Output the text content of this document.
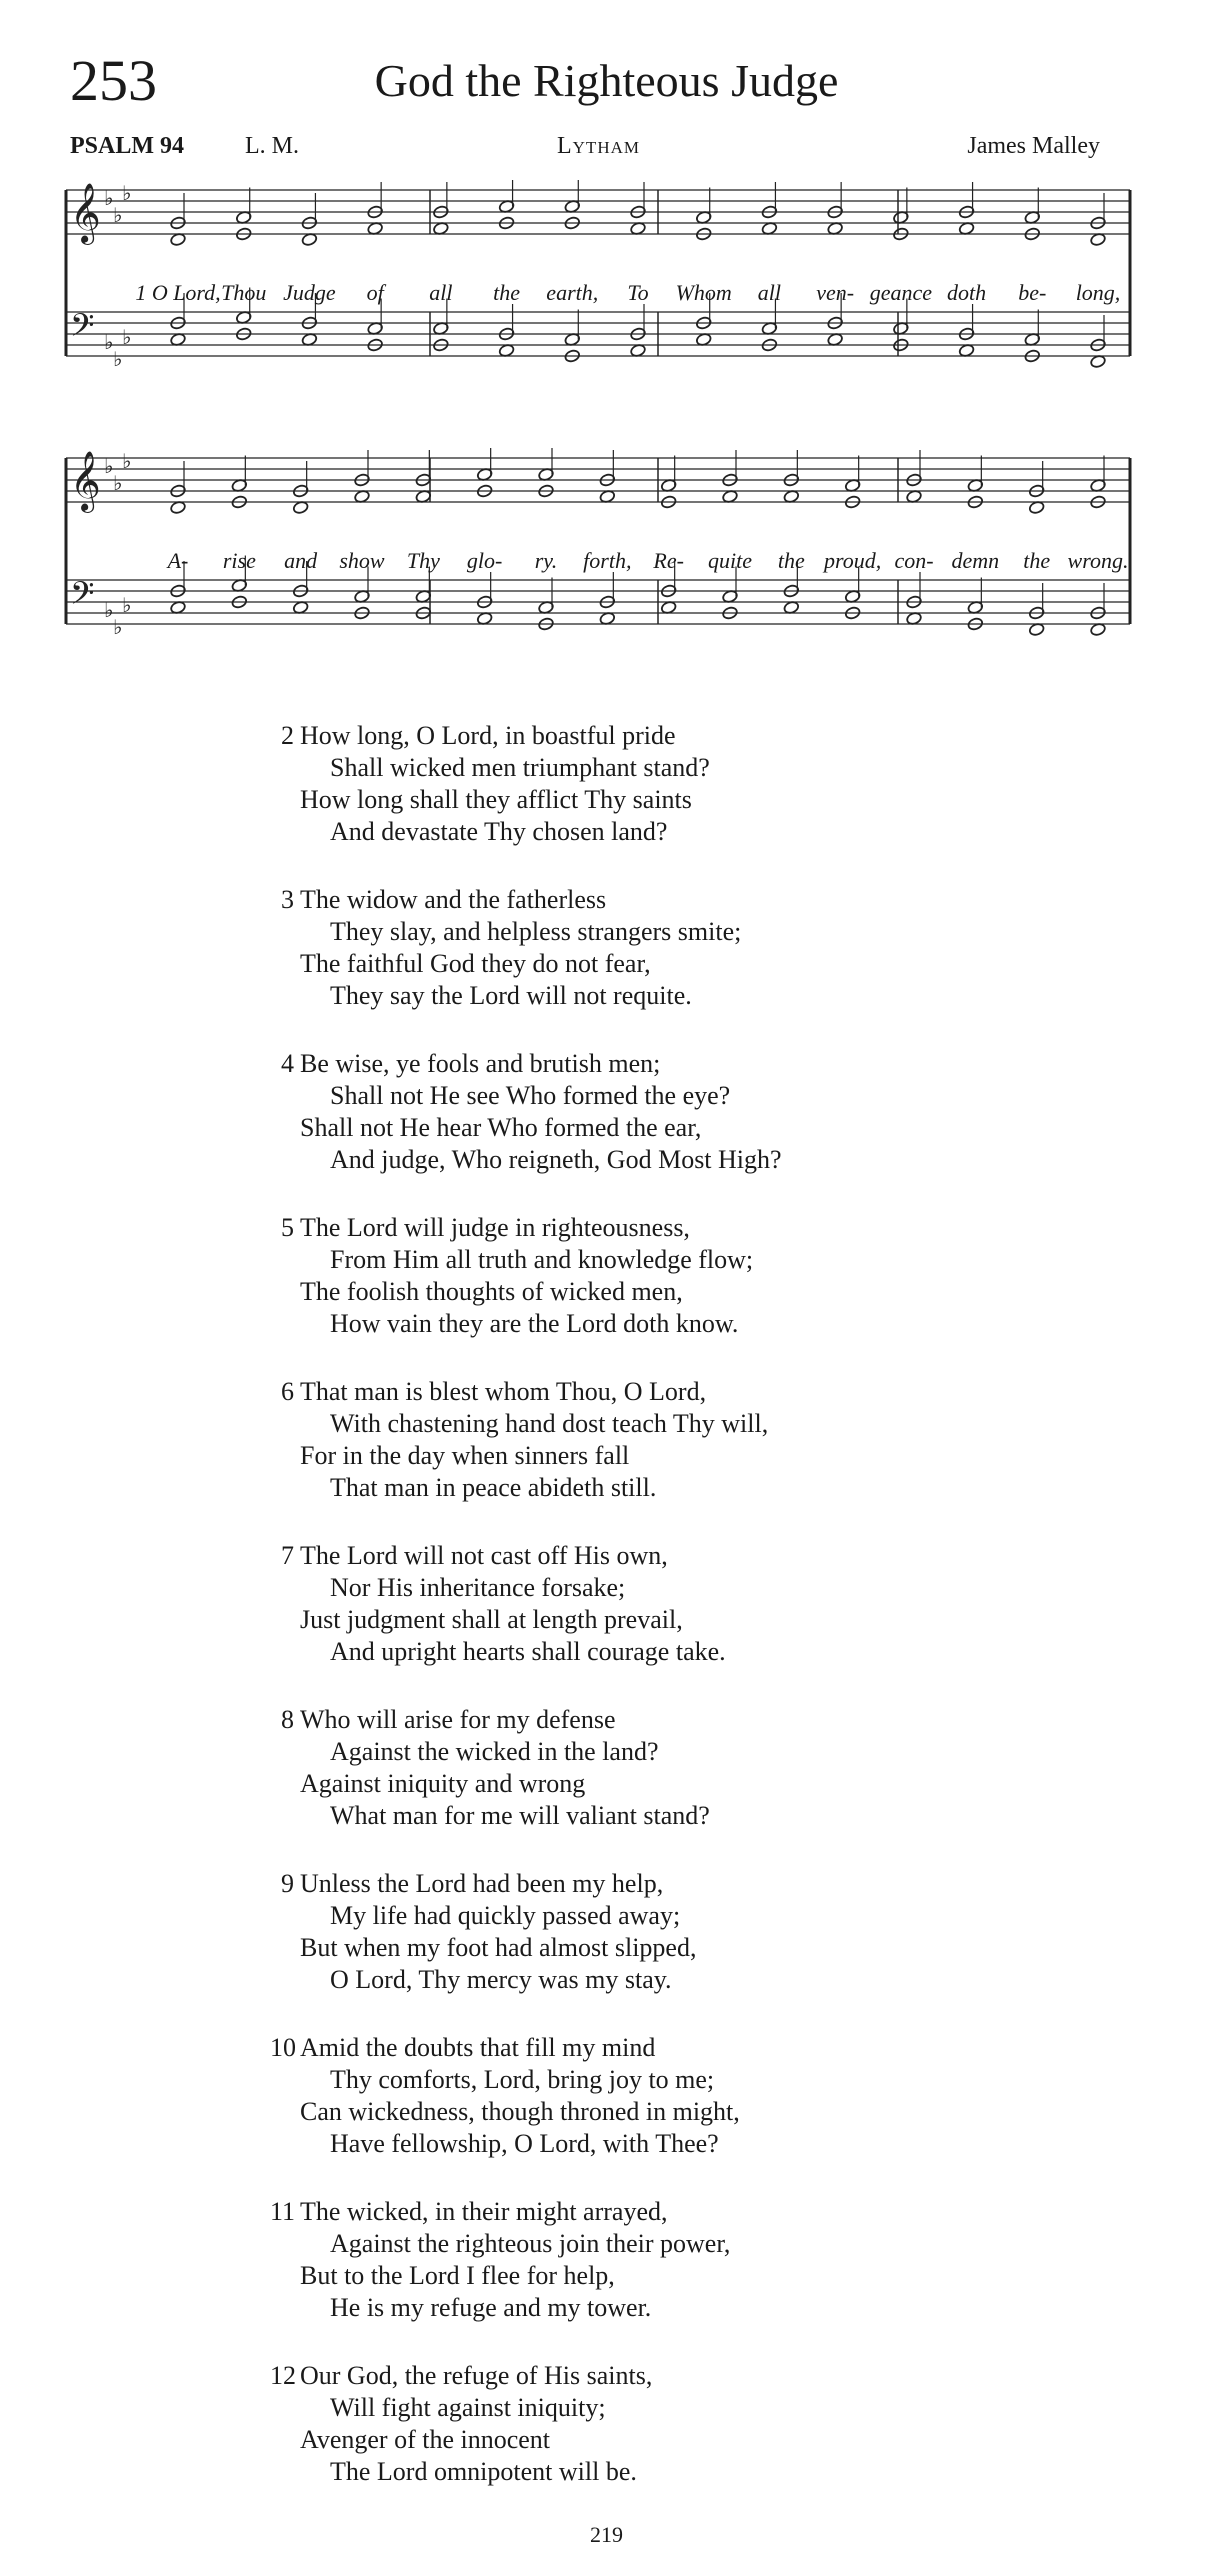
253	God the Righteous Judge
PSALM 94	L. M.	Lytham	James Malley
𝄞 ♭
♭
♭
𝄢 ♭
♭
♭
1 O Lord, Thou Judge of all the earth, To Whom all ven- geance doth be- long,
𝄞 ♭
♭
♭
𝄢 ♭
♭
♭
A- rise and show Thy glo- ry. forth, Re- quite the proud, con- demn the wrong.
2 How long, O Lord, in boastful pride
Shall wicked men triumphant stand?
How long shall they afflict Thy saints
And devastate Thy chosen land?
3 The widow and the fatherless
They slay, and helpless strangers smite;
The faithful God they do not fear,
They say the Lord will not requite.
4 Be wise, ye fools and brutish men;
Shall not He see Who formed the eye?
Shall not He hear Who formed the ear,
And judge, Who reigneth, God Most High?
5 The Lord will judge in righteousness,
From Him all truth and knowledge flow;
The foolish thoughts of wicked men,
How vain they are the Lord doth know.
6 That man is blest whom Thou, O Lord,
With chastening hand dost teach Thy will,
For in the day when sinners fall
That man in peace abideth still.
7 The Lord will not cast off His own,
Nor His inheritance forsake;
Just judgment shall at length prevail,
And upright hearts shall courage take.
8 Who will arise for my defense
Against the wicked in the land?
Against iniquity and wrong
What man for me will valiant stand?
9 Unless the Lord had been my help,
My life had quickly passed away;
But when my foot had almost slipped,
O Lord, Thy mercy was my stay.
10 Amid the doubts that fill my mind
Thy comforts, Lord, bring joy to me;
Can wickedness, though throned in might,
Have fellowship, O Lord, with Thee?
11 The wicked, in their might arrayed,
Against the righteous join their power,
But to the Lord I flee for help,
He is my refuge and my tower.
12 Our God, the refuge of His saints,
Will fight against iniquity;
Avenger of the innocent
The Lord omnipotent will be.
219
